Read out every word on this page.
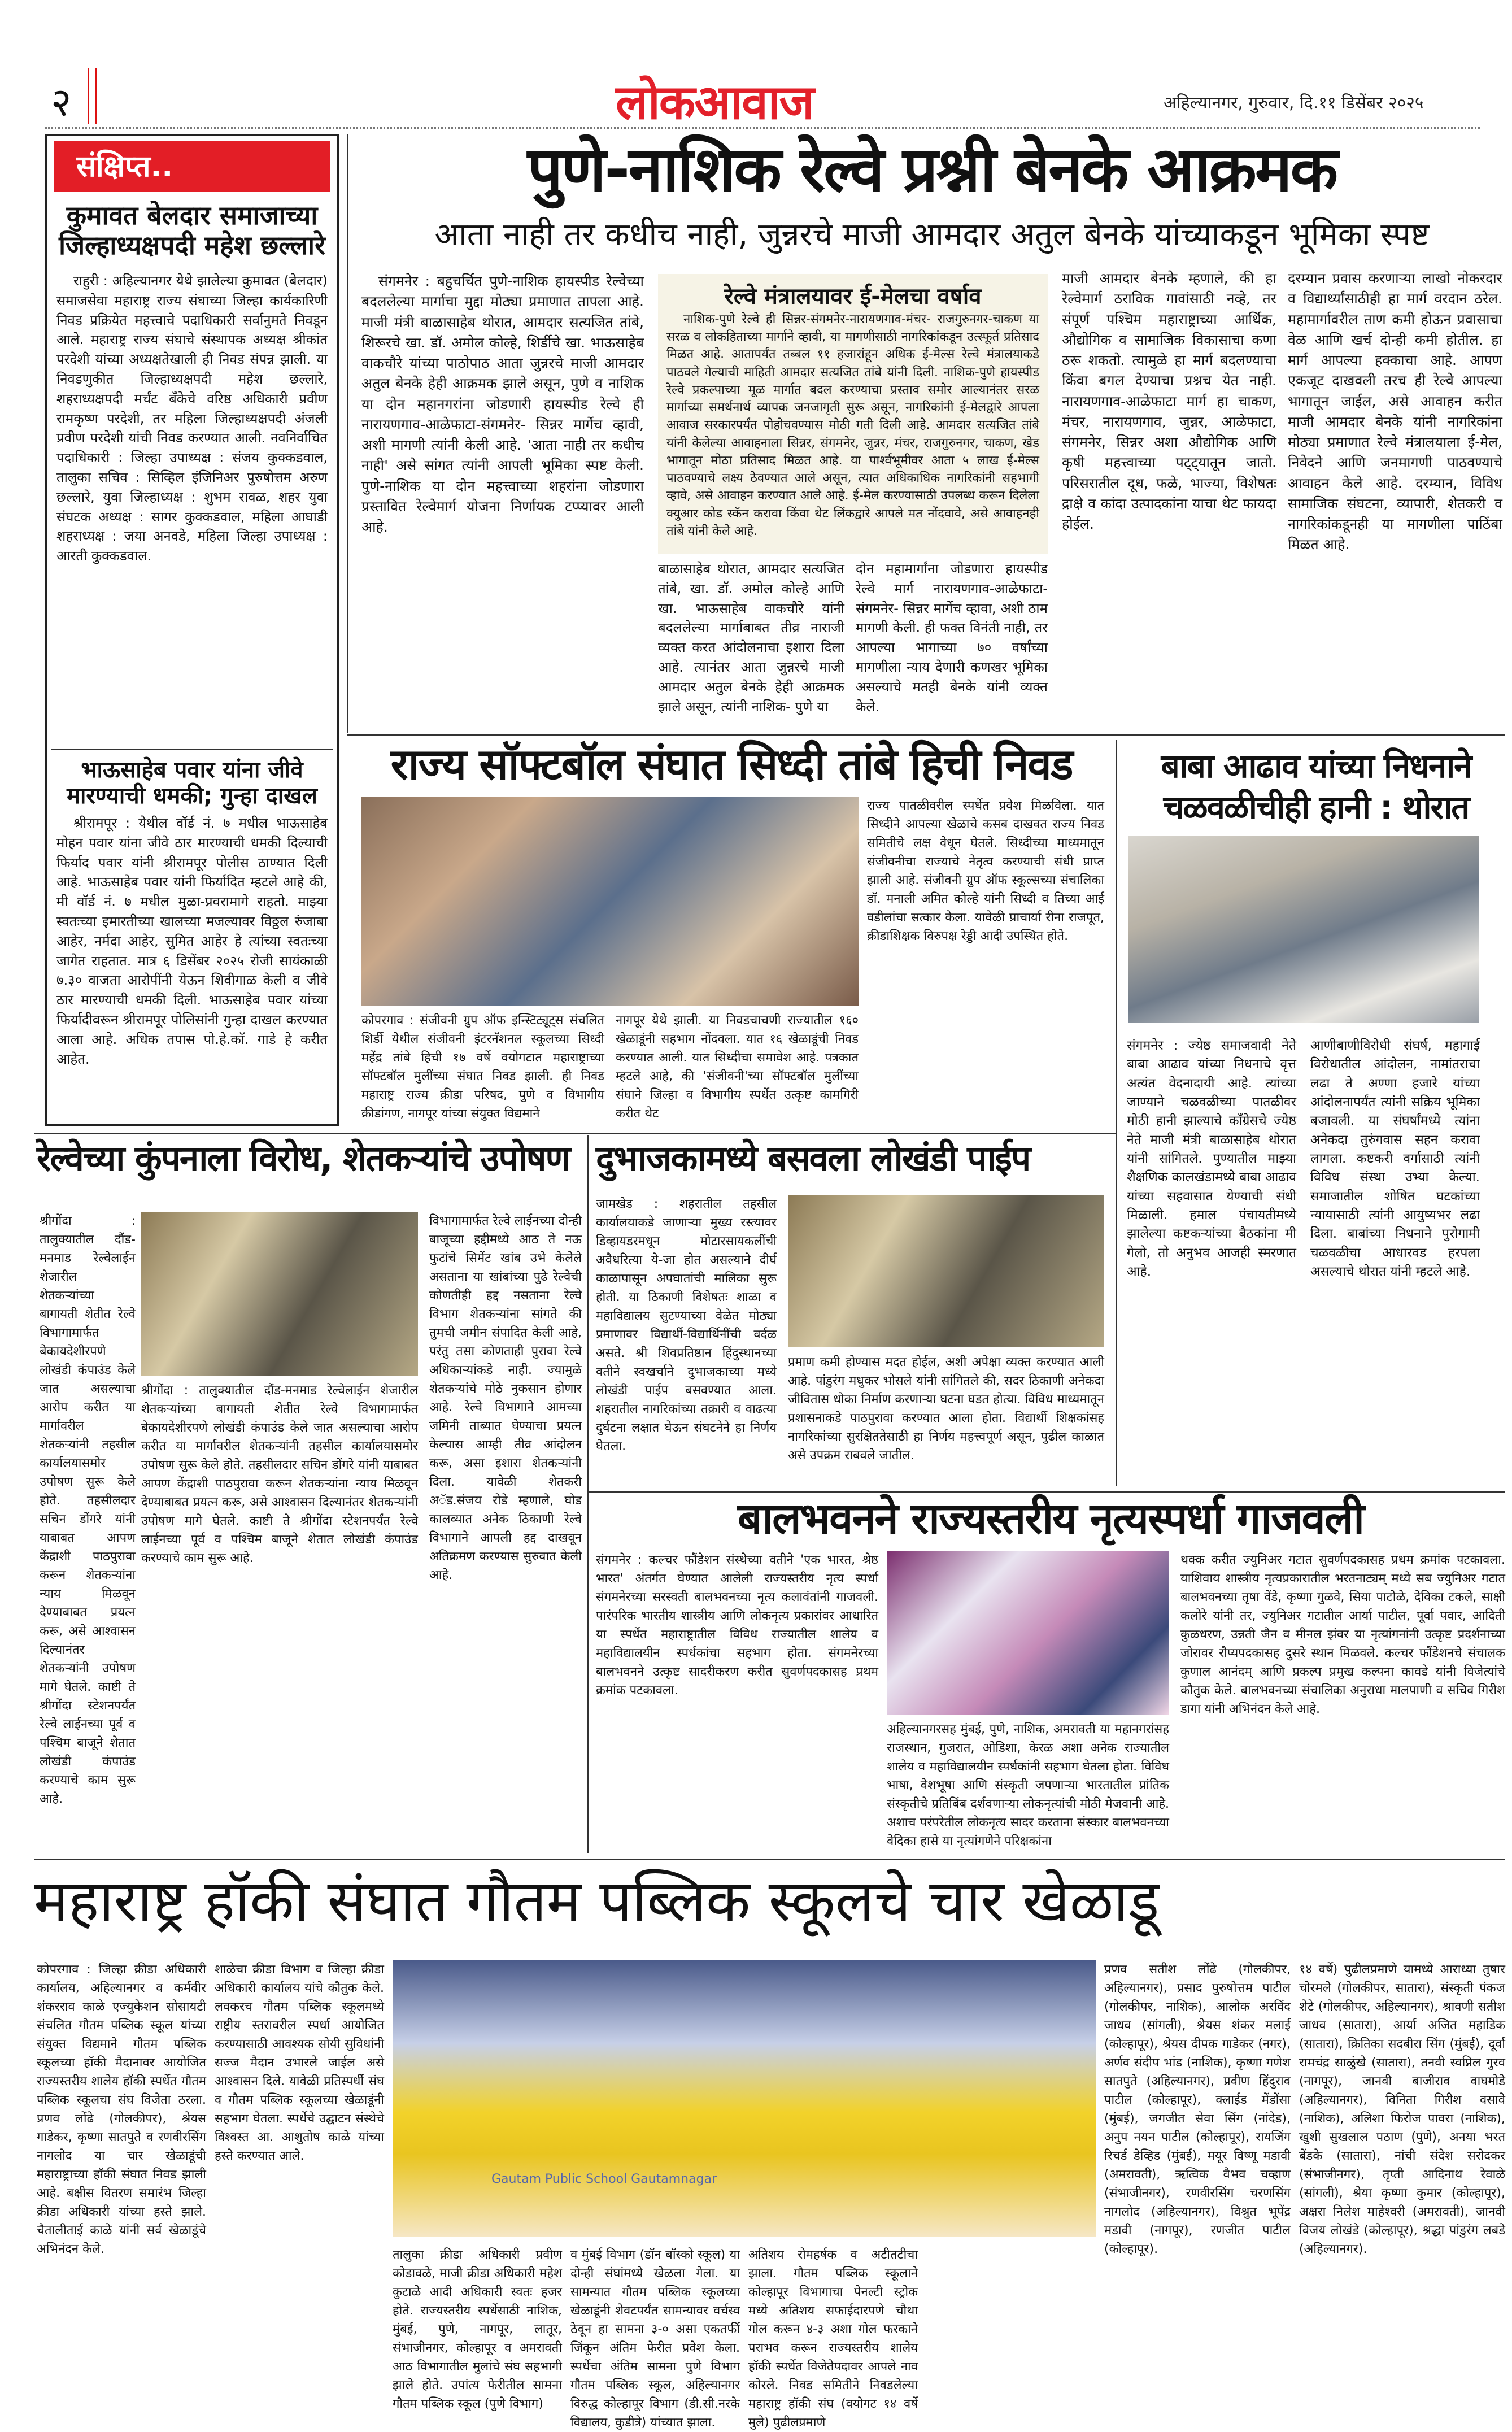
२	लोकआवाज	अहिल्यानगर, गुरुवार, दि.११ डिसेंबर २०२५
संक्षिप्त..
कुमावत बेलदार समाजाच्या जिल्हाध्यक्षपदी महेश छल्लारे
राहुरी : अहिल्यानगर येथे झालेल्या कुमावत (बेलदार) समाजसेवा महाराष्ट्र राज्य संघाच्या जिल्हा कार्यकारिणी निवड प्रक्रियेत महत्त्वाचे पदाधिकारी सर्वानुमते निवडून आले. महाराष्ट्र राज्य संघाचे संस्थापक अध्यक्ष श्रीकांत परदेशी यांच्या अध्यक्षतेखाली ही निवड संपन्न झाली. या निवडणुकीत जिल्हाध्यक्षपदी महेश छल्लारे, शहराध्यक्षपदी मर्चंट बँकेचे वरिष्ठ अधिकारी प्रवीण रामकृष्ण परदेशी, तर महिला जिल्हाध्यक्षपदी अंजली प्रवीण परदेशी यांची निवड करण्यात आली. नवनिर्वाचित पदाधिकारी : जिल्हा उपाध्यक्ष : संजय कुक्कडवाल, तालुका सचिव : सिव्हिल इंजिनिअर पुरुषोत्तम अरुण छल्लारे, युवा जिल्हाध्यक्ष : शुभम रावळ, शहर युवा संघटक अध्यक्ष : सागर कुक्कडवाल, महिला आघाडी शहराध्यक्ष : जया अनवडे, महिला जिल्हा उपाध्यक्ष : आरती कुक्कडवाल.
भाऊसाहेब पवार यांना जीवे मारण्याची धमकी; गुन्हा दाखल
श्रीरामपूर : येथील वॉर्ड नं. ७ मधील भाऊसाहेब मोहन पवार यांना जीवे ठार मारण्याची धमकी दिल्याची फिर्याद पवार यांनी श्रीरामपूर पोलीस ठाण्यात दिली आहे. भाऊसाहेब पवार यांनी फिर्यादित म्हटले आहे की, मी वॉर्ड नं. ७ मधील मुळा-प्रवरामागे राहतो. माझ्या स्वतःच्या इमारतीच्या खालच्या मजल्यावर विठ्ठल रुंजाबा आहेर, नर्मदा आहेर, सुमित आहेर हे त्यांच्या स्वतःच्या जागेत राहतात. मात्र ६ डिसेंबर २०२५ रोजी सायंकाळी ७.३० वाजता आरोपींनी येऊन शिवीगाळ केली व जीवे ठार मारण्याची धमकी दिली. भाऊसाहेब पवार यांच्या फिर्यादीवरून श्रीरामपूर पोलिसांनी गुन्हा दाखल करण्यात आला आहे. अधिक तपास पो.हे.कॉ. गाडे हे करीत आहेत.
पुणे-नाशिक रेल्वे प्रश्नी बेनके आक्रमक
आता नाही तर कधीच नाही, जुन्नरचे माजी आमदार अतुल बेनके यांच्याकडून भूमिका स्पष्ट
संगमनेर : बहुचर्चित पुणे-नाशिक हायस्पीड रेल्वेच्या बदललेल्या मार्गाचा मुद्दा मोठ्या प्रमाणात तापला आहे. माजी मंत्री बाळासाहेब थोरात, आमदार सत्यजित तांबे, शिरूरचे खा. डॉ. अमोल कोल्हे, शिर्डीचे खा. भाऊसाहेब वाकचौरे यांच्या पाठोपाठ आता जुन्नरचे माजी आमदार अतुल बेनके हेही आक्रमक झाले असून, पुणे व नाशिक या दोन महानगरांना जोडणारी हायस्पीड रेल्वे ही नारायणगाव-आळेफाटा-संगमनेर- सिन्नर मार्गेच व्हावी, अशी मागणी त्यांनी केली आहे. 'आता नाही तर कधीच नाही' असे सांगत त्यांनी आपली भूमिका स्पष्ट केली. पुणे-नाशिक या दोन महत्त्वाच्या शहरांना जोडणारा प्रस्तावित रेल्वेमार्ग योजना निर्णायक टप्प्यावर आली आहे.
रेल्वे मंत्रालयावर ई-मेलचा वर्षाव
नाशिक-पुणे रेल्वे ही सिन्नर-संगमनेर-नारायणगाव-मंचर- राजगुरुनगर-चाकण या सरळ व लोकहिताच्या मार्गाने व्हावी, या मागणीसाठी नागरिकांकडून उत्स्फूर्त प्रतिसाद मिळत आहे. आतापर्यंत तब्बल ११ हजारांहून अधिक ई-मेल्स रेल्वे मंत्रालयाकडे पाठवले गेल्याची माहिती आमदार सत्यजित तांबे यांनी दिली. नाशिक-पुणे हायस्पीड रेल्वे प्रकल्पाच्या मूळ मार्गात बदल करण्याचा प्रस्ताव समोर आल्यानंतर सरळ मार्गाच्या समर्थनार्थ व्यापक जनजागृती सुरू असून, नागरिकांनी ई-मेलद्वारे आपला आवाज सरकारपर्यंत पोहोचवण्यास मोठी गती दिली आहे. आमदार सत्यजित तांबे यांनी केलेल्या आवाहनाला सिन्नर, संगमनेर, जुन्नर, मंचर, राजगुरुनगर, चाकण, खेड भागातून मोठा प्रतिसाद मिळत आहे. या पार्श्वभूमीवर आता ५ लाख ई-मेल्स पाठवण्याचे लक्ष्य ठेवण्यात आले असून, त्यात अधिकाधिक नागरिकांनी सहभागी व्हावे, असे आवाहन करण्यात आले आहे. ई-मेल करण्यासाठी उपलब्ध करून दिलेला क्युआर कोड स्कॅन करावा किंवा थेट लिंकद्वारे आपले मत नोंदवावे, असे आवाहनही तांबे यांनी केले आहे.
बाळासाहेब थोरात, आमदार सत्यजित तांबे, खा. डॉ. अमोल कोल्हे आणि खा. भाऊसाहेब वाकचौरे यांनी बदललेल्या मार्गाबाबत तीव्र नाराजी व्यक्त करत आंदोलनाचा इशारा दिला आहे. त्यानंतर आता जुन्नरचे माजी आमदार अतुल बेनके हेही आक्रमक झाले असून, त्यांनी नाशिक- पुणे या
दोन महामार्गांना जोडणारा हायस्पीड रेल्वे मार्ग नारायणगाव-आळेफाटा-संगमनेर- सिन्नर मार्गेच व्हावा, अशी ठाम मागणी केली. ही फक्त विनंती नाही, तर आपल्या भागाच्या ७० वर्षांच्या मागणीला न्याय देणारी कणखर भूमिका असल्याचे मतही बेनके यांनी व्यक्त केले.
माजी आमदार बेनके म्हणाले, की हा रेल्वेमार्ग ठराविक गावांसाठी नव्हे, तर संपूर्ण पश्चिम महाराष्ट्राच्या आर्थिक, औद्योगिक व सामाजिक विकासाचा कणा ठरू शकतो. त्यामुळे हा मार्ग बदलण्याचा किंवा बगल देण्याचा प्रश्नच येत नाही. नारायणगाव-आळेफाटा मार्ग हा चाकण, मंचर, नारायणगाव, जुन्नर, आळेफाटा, संगमनेर, सिन्नर अशा औद्योगिक आणि कृषी महत्त्वाच्या पट्ट्यातून जातो. परिसरातील दूध, फळे, भाज्या, विशेषतः द्राक्षे व कांदा उत्पादकांना याचा थेट फायदा होईल.
दरम्यान प्रवास करणाऱ्या लाखो नोकरदार व विद्यार्थ्यांसाठीही हा मार्ग वरदान ठरेल. महामार्गावरील ताण कमी होऊन प्रवासाचा वेळ आणि खर्च दोन्ही कमी होतील. हा मार्ग आपल्या हक्काचा आहे. आपण एकजूट दाखवली तरच ही रेल्वे आपल्या भागातून जाईल, असे आवाहन करीत माजी आमदार बेनके यांनी नागरिकांना मोठ्या प्रमाणात रेल्वे मंत्रालयाला ई-मेल, निवेदने आणि जनमागणी पाठवण्याचे आवाहन केले आहे. दरम्यान, विविध सामाजिक संघटना, व्यापारी, शेतकरी व नागरिकांकडूनही या मागणीला पाठिंबा मिळत आहे.
राज्य सॉफ्टबॉल संघात सिध्दी तांबे हिची निवड
राज्य पातळीवरील स्पर्धेत प्रवेश मिळविला. यात सिध्दीने आपल्या खेळाचे कसब दाखवत राज्य निवड समितीचे लक्ष वेधून घेतले. सिध्दीच्या माध्यमातून संजीवनीचा राज्याचे नेतृत्व करण्याची संधी प्राप्त झाली आहे. संजीवनी ग्रुप ऑफ स्कूल्सच्या संचालिका डॉ. मनाली अमित कोल्हे यांनी सिध्दी व तिच्या आई वडीलांचा सत्कार केला. यावेळी प्राचार्या रीना राजपूत, क्रीडाशिक्षक विरुपक्ष रेड्डी आदी उपस्थित होते.
कोपरगाव : संजीवनी ग्रुप ऑफ इन्स्टिट्यूट्स संचलित शिर्डी येथील संजीवनी इंटरनॅशनल स्कूलच्या सिध्दी महेंद्र तांबे हिची १७ वर्षे वयोगटात महाराष्ट्राच्या सॉफ्टबॉल मुलींच्या संघात निवड झाली. ही निवड महाराष्ट्र राज्य क्रीडा परिषद, पुणे व विभागीय क्रीडांगण, नागपूर यांच्या संयुक्त विद्यमाने
नागपूर येथे झाली. या निवडचाचणी राज्यातील १६० खेळाडूंनी सहभाग नोंदवला. यात १६ खेळाडूंची निवड करण्यात आली. यात सिध्दीचा समावेश आहे. पत्रकात म्हटले आहे, की 'संजीवनी'च्या सॉफ्टबॉल मुलींच्या संघाने जिल्हा व विभागीय स्पर्धेत उत्कृष्ट कामगिरी करीत थेट
बाबा आढाव यांच्या निधनाने चळवळीचीही हानी : थोरात
संगमनेर : ज्येष्ठ समाजवादी नेते बाबा आढाव यांच्या निधनाचे वृत्त अत्यंत वेदनादायी आहे. त्यांच्या जाण्याने चळवळीच्या पातळीवर मोठी हानी झाल्याचे काँग्रेसचे ज्येष्ठ नेते माजी मंत्री बाळासाहेब थोरात यांनी सांगितले. पुण्यातील माझ्या शैक्षणिक कालखंडामध्ये बाबा आढाव यांच्या सहवासात येण्याची संधी मिळाली. हमाल पंचायतीमध्ये झालेल्या कष्टकऱ्यांच्या बैठकांना मी गेलो, तो अनुभव आजही स्मरणात आहे.
आणीबाणीविरोधी संघर्ष, महागाई विरोधातील आंदोलन, नामांतराचा लढा ते अण्णा हजारे यांच्या आंदोलनापर्यंत त्यांनी सक्रिय भूमिका बजावली. या संघर्षांमध्ये त्यांना अनेकदा तुरुंगवास सहन करावा लागला. कष्टकरी वर्गासाठी त्यांनी विविध संस्था उभ्या केल्या. समाजातील शोषित घटकांच्या न्यायासाठी त्यांनी आयुष्यभर लढा दिला. बाबांच्या निधनाने पुरोगामी चळवळीचा आधारवड हरपला असल्याचे थोरात यांनी म्हटले आहे.
रेल्वेच्या कुंपनाला विरोध, शेतकऱ्यांचे उपोषण
श्रीगोंदा : तालुक्यातील दौंड-मनमाड रेल्वेलाईन शेजारील शेतकऱ्यांच्या बागायती शेतीत रेल्वे विभागामार्फत बेकायदेशीरपणे लोखंडी कंपाउंड केले जात असल्याचा आरोप करीत या मार्गावरील शेतकऱ्यांनी तहसील कार्यालयासमोर उपोषण सुरू केले होते. तहसीलदार सचिन डोंगरे यांनी याबाबत आपण केंद्राशी पाठपुरावा करून शेतकऱ्यांना न्याय मिळवून देण्याबाबत प्रयत्न करू, असे आश्वासन दिल्यानंतर शेतकऱ्यांनी उपोषण मागे घेतले. काष्टी ते श्रीगोंदा स्टेशनपर्यंत रेल्वे लाईनच्या पूर्व व पश्चिम बाजूने शेतात लोखंडी कंपाउंड करण्याचे काम सुरू आहे.
श्रीगोंदा : तालुक्यातील दौंड-मनमाड रेल्वेलाईन शेजारील शेतकऱ्यांच्या बागायती शेतीत रेल्वे विभागामार्फत बेकायदेशीरपणे लोखंडी कंपाउंड केले जात असल्याचा आरोप करीत या मार्गावरील शेतकऱ्यांनी तहसील कार्यालयासमोर उपोषण सुरू केले होते. तहसीलदार सचिन डोंगरे यांनी याबाबत आपण केंद्राशी पाठपुरावा करून शेतकऱ्यांना न्याय मिळवून देण्याबाबत प्रयत्न करू, असे आश्वासन दिल्यानंतर शेतकऱ्यांनी उपोषण मागे घेतले. काष्टी ते श्रीगोंदा स्टेशनपर्यंत रेल्वे लाईनच्या पूर्व व पश्चिम बाजूने शेतात लोखंडी कंपाउंड करण्याचे काम सुरू आहे.
विभागामार्फत रेल्वे लाईनच्या दोन्ही बाजूच्या हद्दीमध्ये आठ ते नऊ फुटांचे सिमेंट खांब उभे केलेले असताना या खांबांच्या पुढे रेल्वेची कोणतीही हद्द नसताना रेल्वे विभाग शेतकऱ्यांना सांगते की तुमची जमीन संपादित केली आहे, परंतु तसा कोणताही पुरावा रेल्वे अधिकाऱ्यांकडे नाही. ज्यामुळे शेतकऱ्यांचे मोठे नुकसान होणार आहे. रेल्वे विभागाने आमच्या जमिनी ताब्यात घेण्याचा प्रयत्न केल्यास आम्ही तीव्र आंदोलन करू, असा इशारा शेतकऱ्यांनी दिला. यावेळी शेतकरी अॅड.संजय रोडे म्हणाले, घोड कालव्यात अनेक ठिकाणी रेल्वे विभागाने आपली हद्द दाखवून अतिक्रमण करण्यास सुरुवात केली आहे.
दुभाजकामध्ये बसवला लोखंडी पाईप
जामखेड : शहरातील तहसील कार्यालयाकडे जाणाऱ्या मुख्य रस्त्यावर डिव्हायडरमधून मोटारसायकलींची अवैधरित्या ये-जा होत असल्याने दीर्घ काळापासून अपघातांची मालिका सुरू होती. या ठिकाणी विशेषतः शाळा व महाविद्यालय सुटण्याच्या वेळेत मोठ्या प्रमाणावर विद्यार्थी-विद्यार्थिनींची वर्दळ असते. श्री शिवप्रतिष्ठान हिंदुस्थानच्या वतीने स्वखर्चाने दुभाजकाच्या मध्ये लोखंडी पाईप बसवण्यात आला. शहरातील नागरिकांच्या तक्रारी व वाढत्या दुर्घटना लक्षात घेऊन संघटनेने हा निर्णय घेतला.
प्रमाण कमी होण्यास मदत होईल, अशी अपेक्षा व्यक्त करण्यात आली आहे. पांडुरंग मधुकर भोसले यांनी सांगितले की, सदर ठिकाणी अनेकदा जीवितास धोका निर्माण करणाऱ्या घटना घडत होत्या. विविध माध्यमातून प्रशासनाकडे पाठपुरावा करण्यात आला होता. विद्यार्थी शिक्षकांसह नागरिकांच्या सुरक्षिततेसाठी हा निर्णय महत्त्वपूर्ण असून, पुढील काळात असे उपक्रम राबवले जातील.
बालभवनने राज्यस्तरीय नृत्यस्पर्धा गाजवली
संगमनेर : कल्चर फौंडेशन संस्थेच्या वतीने 'एक भारत, श्रेष्ठ भारत' अंतर्गत घेण्यात आलेली राज्यस्तरीय नृत्य स्पर्धा संगमनेरच्या सरस्वती बालभवनच्या नृत्य कलावंतांनी गाजवली. पारंपरिक भारतीय शास्त्रीय आणि लोकनृत्य प्रकारांवर आधारित या स्पर्धेत महाराष्ट्रातील विविध राज्यातील शालेय व महाविद्यालयीन स्पर्धकांचा सहभाग होता. संगमनेरच्या बालभवनने उत्कृष्ट सादरीकरण करीत सुवर्णपदकासह प्रथम क्रमांक पटकावला.
अहिल्यानगरसह मुंबई, पुणे, नाशिक, अमरावती या महानगरांसह राजस्थान, गुजरात, ओडिशा, केरळ अशा अनेक राज्यातील शालेय व महाविद्यालयीन स्पर्धकांनी सहभाग घेतला होता. विविध भाषा, वेशभूषा आणि संस्कृती जपणाऱ्या भारतातील प्रांतिक संस्कृतीचे प्रतिबिंब दर्शवणाऱ्या लोकनृत्यांची मोठी मेजवानी आहे. अशाच परंपरेतील लोकनृत्य सादर करताना संस्कार बालभवनच्या वेदिका हासे या नृत्यांगणेने परिक्षकांना
थक्क करीत ज्युनिअर गटात सुवर्णपदकासह प्रथम क्रमांक पटकावला. याशिवाय शास्त्रीय नृत्यप्रकारातील भरतनाट्यम् मध्ये सब ज्युनिअर गटात बालभवनच्या तृषा वेंडे, कृष्णा गुळवे, सिया पाटोळे, देविका टकले, साक्षी कलोरे यांनी तर, ज्युनिअर गटातील आर्या पाटील, पूर्वा पवार, आदिती कुळधरण, उन्नती जैन व मीनल झंवर या नृत्यांगनांनी उत्कृष्ट प्रदर्शनाच्या जोरावर रौप्यपदकासह दुसरे स्थान मिळवले. कल्चर फौंडेशनचे संचालक कुणाल आनंदम् आणि प्रकल्प प्रमुख कल्पना कावडे यांनी विजेत्यांचे कौतुक केले. बालभवनच्या संचालिका अनुराधा मालपाणी व सचिव गिरीश डागा यांनी अभिनंदन केले आहे.
महाराष्ट्र हॉकी संघात गौतम पब्लिक स्कूलचे चार खेळाडू
कोपरगाव : जिल्हा क्रीडा अधिकारी कार्यालय, अहिल्यानगर व कर्मवीर शंकरराव काळे एज्युकेशन सोसायटी संचलित गौतम पब्लिक स्कूल यांच्या संयुक्त विद्यमाने गौतम पब्लिक स्कूलच्या हॉकी मैदानावर आयोजित राज्यस्तरीय शालेय हॉकी स्पर्धेत गौतम पब्लिक स्कूलचा संघ विजेता ठरला. प्रणव लोंढे (गोलकीपर), श्रेयस गाडेकर, कृष्णा सातपुते व रणवीरसिंग नागलोद या चार खेळाडूंची महाराष्ट्राच्या हॉकी संघात निवड झाली आहे. बक्षीस वितरण समारंभ जिल्हा क्रीडा अधिकारी यांच्या हस्ते झाले. चैतालीताई काळे यांनी सर्व खेळाडूंचे अभिनंदन केले.
शाळेचा क्रीडा विभाग व जिल्हा क्रीडा अधिकारी कार्यालय यांचे कौतुक केले. लवकरच गौतम पब्लिक स्कूलमध्ये राष्ट्रीय स्तरावरील स्पर्धा आयोजित करण्यासाठी आवश्यक सोयी सुविधांनी सज्ज मैदान उभारले जाईल असे आश्वासन दिले. यावेळी प्रतिस्पर्धी संघ व गौतम पब्लिक स्कूलच्या खेळाडूंनी सहभाग घेतला. स्पर्धेचे उद्घाटन संस्थेचे विश्वस्त आ. आशुतोष काळे यांच्या हस्ते करण्यात आले.
Gautam Public School Gautamnagar
तालुका क्रीडा अधिकारी प्रवीण कोडावळे, माजी क्रीडा अधिकारी महेश कुटाळे आदी अधिकारी स्वतः हजर होते. राज्यस्तरीय स्पर्धेसाठी नाशिक, मुंबई, पुणे, नागपूर, लातूर, संभाजीनगर, कोल्हापूर व अमरावती आठ विभागातील मुलांचे संघ सहभागी झाले होते. उपांत्य फेरीतील सामना गौतम पब्लिक स्कूल (पुणे विभाग)
व मुंबई विभाग (डॉन बॉस्को स्कूल) या दोन्ही संघांमध्ये खेळला गेला. या सामन्यात गौतम पब्लिक स्कूलच्या खेळाडूंनी शेवटपर्यंत सामन्यावर वर्चस्व ठेवून हा सामना ३-० असा एकतर्फी जिंकून अंतिम फेरीत प्रवेश केला. स्पर्धेचा अंतिम सामना पुणे विभाग गौतम पब्लिक स्कूल, अहिल्यानगर विरुद्ध कोल्हापूर विभाग (डी.सी.नरके विद्यालय, कुडीत्रे) यांच्यात झाला.
अतिशय रोमहर्षक व अटीतटीचा झाला. गौतम पब्लिक स्कूलाने कोल्हापूर विभागाचा पेनल्टी स्ट्रोक मध्ये अतिशय सफाईदारपणे चौथा गोल करून ४-३ अशा गोल फरकाने पराभव करून राज्यस्तरीय शालेय हॉकी स्पर्धेत विजेतेपदावर आपले नाव कोरले. निवड समितीने निवडलेल्या महाराष्ट्र हॉकी संघ (वयोगट १४ वर्षे मुले) पुढीलप्रमाणे
प्रणव सतीश लोंढे (गोलकीपर, अहिल्यानगर), प्रसाद पुरुषोत्तम पाटील (गोलकीपर, नाशिक), आलोक अरविंद जाधव (सांगली), श्रेयस शंकर मलाई (कोल्हापूर), श्रेयस दीपक गाडेकर (नगर), अर्णव संदीप भांड (नाशिक), कृष्णा गणेश सातपुते (अहिल्यानगर), प्रवीण हिंदुराव पाटील (कोल्हापूर), क्लाईड मेंडोंसा (मुंबई), जगजीत सेवा सिंग (नांदेड), अनुप नयन पाटील (कोल्हापूर), रायजिंग रिचर्ड डेव्हिड (मुंबई), मयूर विष्णू मडावी (अमरावती), ऋत्विक वैभव चव्हाण (संभाजीनगर), रणवीरसिंग चरणसिंग नागलोद (अहिल्यानगर), विश्रुत भूपेंद्र मडावी (नागपूर), रणजीत पाटील (कोल्हापूर).
१४ वर्षे) पुढीलप्रमाणे यामध्ये आराध्या तुषार चोरमले (गोलकीपर, सातारा), संस्कृती पंकज शेटे (गोलकीपर, अहिल्यानगर), श्रावणी सतीश जाधव (सातारा), आर्या अजित महाडिक (सातारा), क्रितिका सदबीरा सिंग (मुंबई), दूर्वा रामचंद्र साळुंखे (सातारा), तनवी स्वप्निल गुरव (नागपूर), जानवी बाजीराव वाघमोडे (अहिल्यानगर), विनिता गिरीश वसावे (नाशिक), अलिशा फिरोज पावरा (नाशिक), खुशी सुखलाल पठाण (पुणे), अनया भरत बेंडके (सातारा), नांची संदेश सरोदकर (संभाजीनगर), तृप्ती आदिनाथ रेवाळे (सांगली), श्रेया कृष्णा कुमार (कोल्हापूर), अक्षरा निलेश माहेश्वरी (अमरावती), जानवी विजय लोखंडे (कोल्हापूर), श्रद्धा पांडुरंग लबडे (अहिल्यानगर).
